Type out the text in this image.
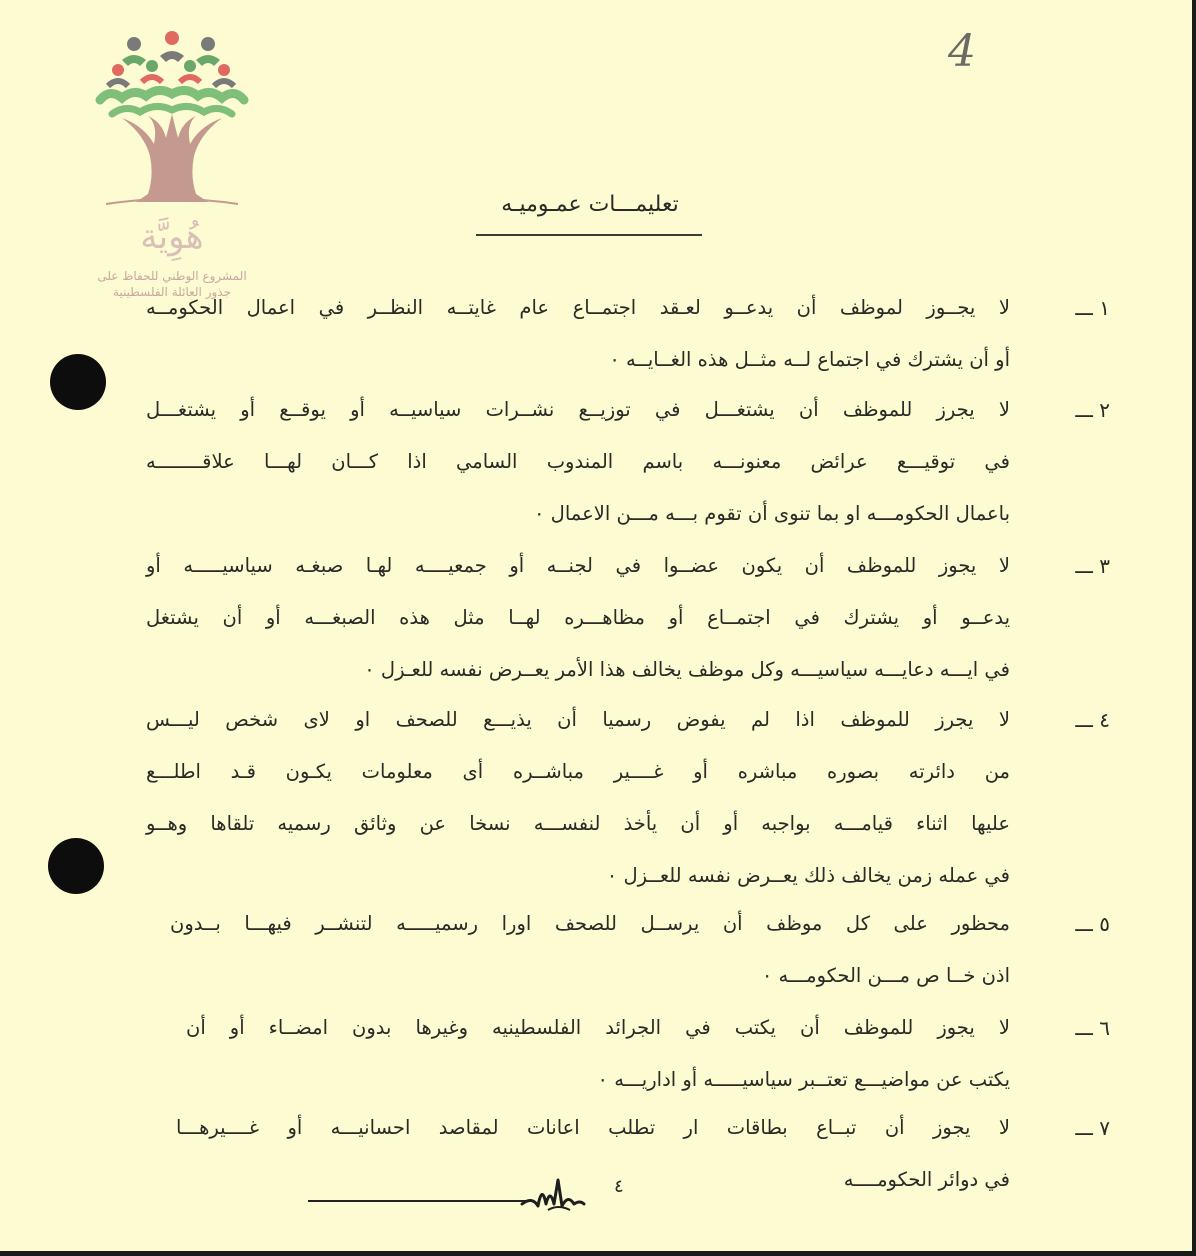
هُوِيَّة
المشروع الوطني للحفاظ على
جذور العائلة الفلسطينية
4
تعليمـــات عمـوميـه
١ ـــ
لا يجــوز لموظف أن يدعــو لعـقد اجتمــاع عام غايتــه النظــر في اعمال الحكومــه
أو أن يشترك في اجتماع لــه مثــل هذه الغــايــه ٠
٢ ـــ
لا يجرز للموظف أن يشتغـــل في توزيــع نشــرات سياسيــه أو يوقــع أو يشتغـــل
في توقيـــع عرائض معنونـــه باسم المندوب السامي اذا كـــان لهـــا علاقــــــــه
باعمال الحكومـــه او بما تنوى أن تقوم بـــه مـــن الاعمال ٠
٣ ـــ
لا يجوز للموظف أن يكون عضــوا في لجنــه أو جمعيــــه لهـا صبغـه سياسيـــــه أو
يدعــو أو يشترك في اجتمــاع أو مظاهـــره لهــا مثل هذه الصبغـــه أو أن يشتغل
في ايـــه دعايـــه سياسيـــه وكل موظف يخالف هذا الأمر يعــرض نفسه للعـزل ٠
٤ ـــ
لا يجرز للموظف اذا لم يفوض رسميا أن يذيـــع للصحف او لاى شخص ليـــس
من دائرته بصوره مباشره أو غــــير مباشــره أى معلومات يكـون قـد اطلـــع
عليها اثناء قيامـــه بواجبه أو أن يأخذ لنفســـه نسخا عن وثائق رسميه تلقاها وهــو
في عمله زمن يخالف ذلك يعــرض نفسه للعــزل ٠
٥ ـــ
محظور على كل موظف أن يرســل للصحف اورا رسميـــــه لتنشــر فيهـــا بــدون
اذن خــا ص مـــن الحكومـــه ٠
٦ ـــ
لا يجوز للموظف أن يكتب في الجرائد الفلسطينيه وغيرها بدون امضــاء أو أن
يكتب عن مواضيـــع تعتــبر سياسيـــــه أو اداريـــه ٠
٧ ـــ
لا يجوز أن تبــاع بطاقات ار تطلب اعانات لمقاصد احسانيـــه أو غــــيرهـــا
في دوائر الحكومــــه
٤
